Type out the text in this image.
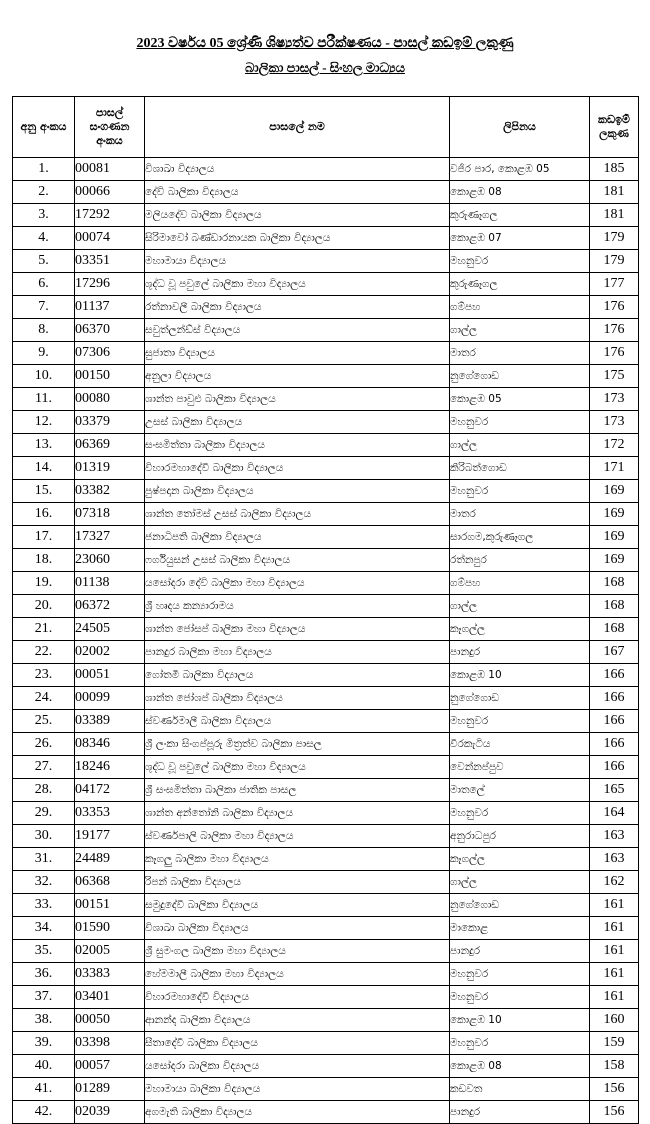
2023 වර්ෂය 05 ශ්‍රේණි ශිෂ්‍යත්ව පරීක්ෂණය - පාසල් කඩඉම් ලකුණු
බාලිකා පාසල් - සිංහල මාධ්‍යය
අනු අංකය	පාසල් සංගණන අංකය	පාසලේ නම	ලිපිනය	කඩඉම් ලකුණ
1.	00081	විශාඛා විද්‍යාලය	වජිර පාර, කොළඹ 05	185
2.	00066	දේවි බාලිකා විද්‍යාලය	කොළඹ 08	181
3.	17292	මලියදේව බාලිකා විද්‍යාලය	කුරුණෑගල	181
4.	00074	සිරිමාවෝ බණ්ඩාරනායක බාලිකා විද්‍යාලය	කොළඹ 07	179
5.	03351	මහාමායා විද්‍යාලය	මහනුවර	179
6.	17296	ශුද්ධ වූ පවුලේ බාලිකා මහා විද්‍යාලය	කුරුණෑගල	177
7.	01137	රත්නාවලී බාලිකා විද්‍යාලය	ගම්පහ	176
8.	06370	සවුත්ලන්ඩ්ස් විද්‍යාලය	ගාල්ල	176
9.	07306	සුජාතා විද්‍යාලය	මාතර	176
10.	00150	අනුලා විද්‍යාලය	නුගේගොඩ	175
11.	00080	ශාන්ත පාවුළු බාලිකා විද්‍යාලය	කොළඹ 05	173
12.	03379	උසස් බාලිකා විද්‍යාලය	මහනුවර	173
13.	06369	සංඝමිත්තා බාලිකා විද්‍යාලය	ගාල්ල	172
14.	01319	විහාරමහාදේවී බාලිකා විද්‍යාලය	කිරිබත්ගොඩ	171
15.	03382	පුෂ්පදාන බාලිකා විද්‍යාලය	මහනුවර	169
16.	07318	ශාන්ත තෝමස් උසස් බාලිකා විද්‍යාලය	මාතර	169
17.	17327	ජනාධිපති බාලිකා විද්‍යාලය	සාරගම,කුරුණෑගල	169
18.	23060	ෆර්ගියුසන් උසස් බාලිකා විද්‍යාලය	රත්නපුර	169
19.	01138	යසෝදරා දේවි බාලිකා මහා විද්‍යාලය	ගම්පහ	168
20.	06372	ශ්‍රී හෘදය කන්‍යාරාමය	ගාල්ල	168
21.	24505	ශාන්ත ජෝසප් බාලිකා මහා විද්‍යාලය	කෑගල්ල	168
22.	02002	පානදුර බාලිකා මහා විද්‍යාලය	පානදුර	167
23.	00051	ගෝතමී බාලිකා විද්‍යාලය	කොළඹ 10	166
24.	00099	ශාන්ත ජෝශප් බාලිකා විද්‍යාලය	නුගේගොඩ	166
25.	03389	ස්වර්ණමාලී බාලිකා විද්‍යාලය	මහනුවර	166
26.	08346	ශ්‍රී ලංකා සිංගප්පූරු මිත්‍රත්ව බාලිකා පාසල	වීරකැටිය	166
27.	18246	ශුද්ධ වූ පවුලේ බාලිකා මහා විද්‍යාලය	වෙන්නප්පුව	166
28.	04172	ශ්‍රී සංඝමිත්තා බාලිකා ජාතික පාසල	මාතලේ	165
29.	03353	ශාන්ත අන්තෝනි බාලිකා විද්‍යාලය	මහනුවර	164
30.	19177	ස්වර්ණපාලි බාලිකා මහා විද්‍යාලය	අනුරාධපුර	163
31.	24489	කෑගලු බාලිකා මහා විද්‍යාලය	කෑගල්ල	163
32.	06368	රිපන් බාලිකා විද්‍යාලය	ගාල්ල	162
33.	00151	සමුදුදේවී බාලිකා විද්‍යාලය	නුගේගොඩ	161
34.	01590	විශාඛා බාලිකා විද්‍යාලය	මාකොළ	161
35.	02005	ශ්‍රී සුමංගල බාලිකා මහා විද්‍යාලය	පානදුර	161
36.	03383	හේමමාලී බාලිකා මහා විද්‍යාලය	මහනුවර	161
37.	03401	විහාරමහාදේවී විද්‍යාලය	මහනුවර	161
38.	00050	ආනන්ද බාලිකා විද්‍යාලය	කොළඹ 10	160
39.	03398	සීතාදේවී බාලිකා විද්‍යාලය	මහනුවර	159
40.	00057	යසෝදරා බාලිකා විද්‍යාලය	කොළඹ 08	158
41.	01289	මහාමායා බාලිකා විද්‍යාලය	කඩවත	156
42.	02039	අගමැති බාලිකා විද්‍යාලය	පානදුර	156
